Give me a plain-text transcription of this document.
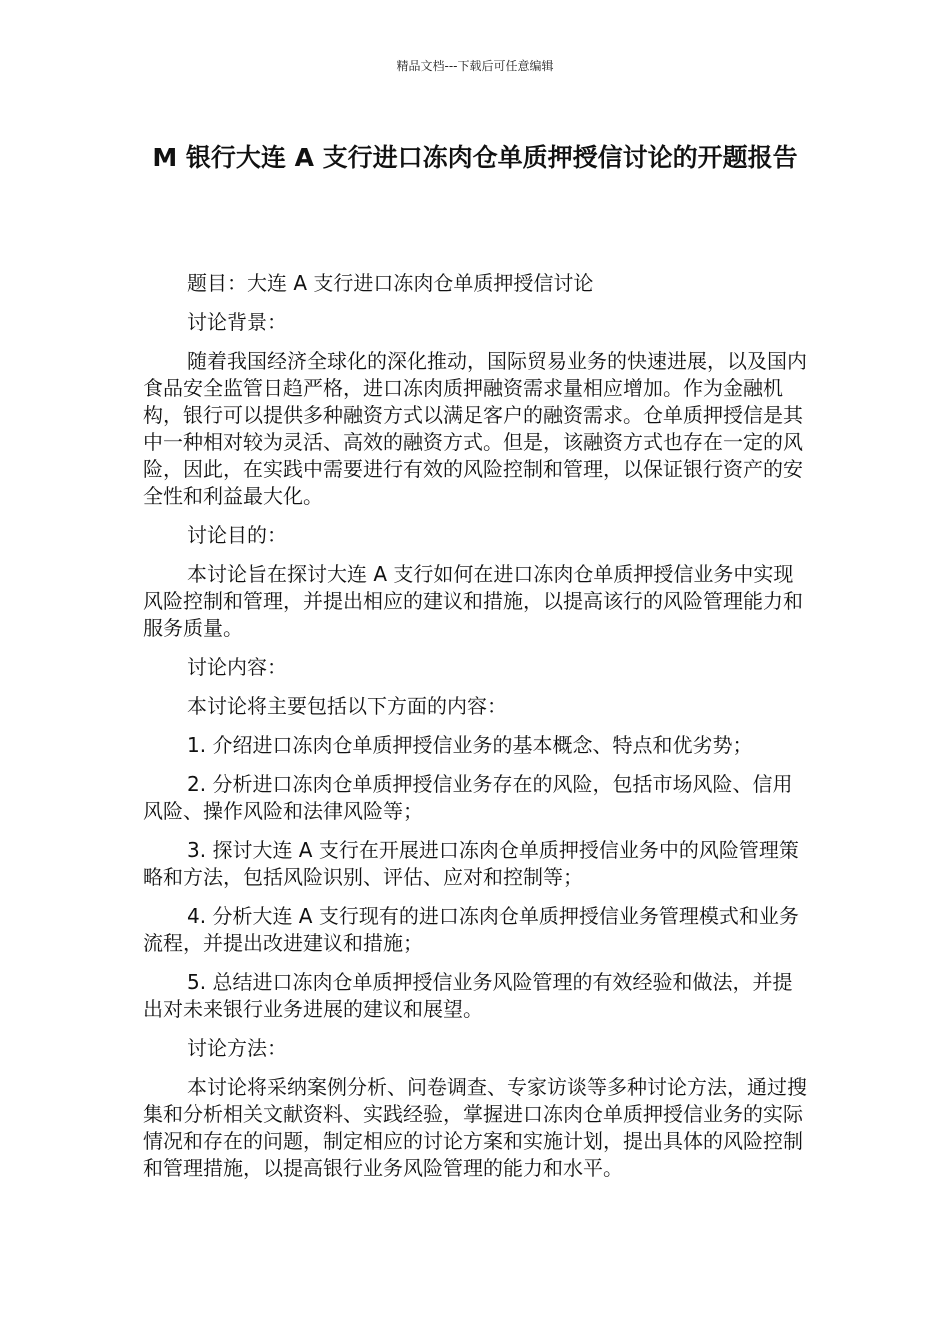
精品文档---下载后可任意编辑
M 银行大连 A 支行进口冻肉仓单质押授信讨论的开题报告

题目：大连 A 支行进口冻肉仓单质押授信讨论

讨论背景：

随着我国经济全球化的深化推动，国际贸易业务的快速进展，以及国内食品安全监管日趋严格，进口冻肉质押融资需求量相应增加。作为金融机构，银行可以提供多种融资方式以满足客户的融资需求。仓单质押授信是其中一种相对较为灵活、高效的融资方式。但是，该融资方式也存在一定的风险，因此，在实践中需要进行有效的风险控制和管理，以保证银行资产的安全性和利益最大化。

讨论目的：

本讨论旨在探讨大连 A 支行如何在进口冻肉仓单质押授信业务中实现风险控制和管理，并提出相应的建议和措施，以提高该行的风险管理能力和服务质量。

讨论内容：

本讨论将主要包括以下方面的内容：

1. 介绍进口冻肉仓单质押授信业务的基本概念、特点和优劣势；

2. 分析进口冻肉仓单质押授信业务存在的风险，包括市场风险、信用风险、操作风险和法律风险等；

3. 探讨大连 A 支行在开展进口冻肉仓单质押授信业务中的风险管理策略和方法，包括风险识别、评估、应对和控制等；

4. 分析大连 A 支行现有的进口冻肉仓单质押授信业务管理模式和业务流程，并提出改进建议和措施；

5. 总结进口冻肉仓单质押授信业务风险管理的有效经验和做法，并提出对未来银行业务进展的建议和展望。

讨论方法：

本讨论将采纳案例分析、问卷调查、专家访谈等多种讨论方法，通过搜集和分析相关文献资料、实践经验，掌握进口冻肉仓单质押授信业务的实际情况和存在的问题，制定相应的讨论方案和实施计划，提出具体的风险控制和管理措施，以提高银行业务风险管理的能力和水平。
